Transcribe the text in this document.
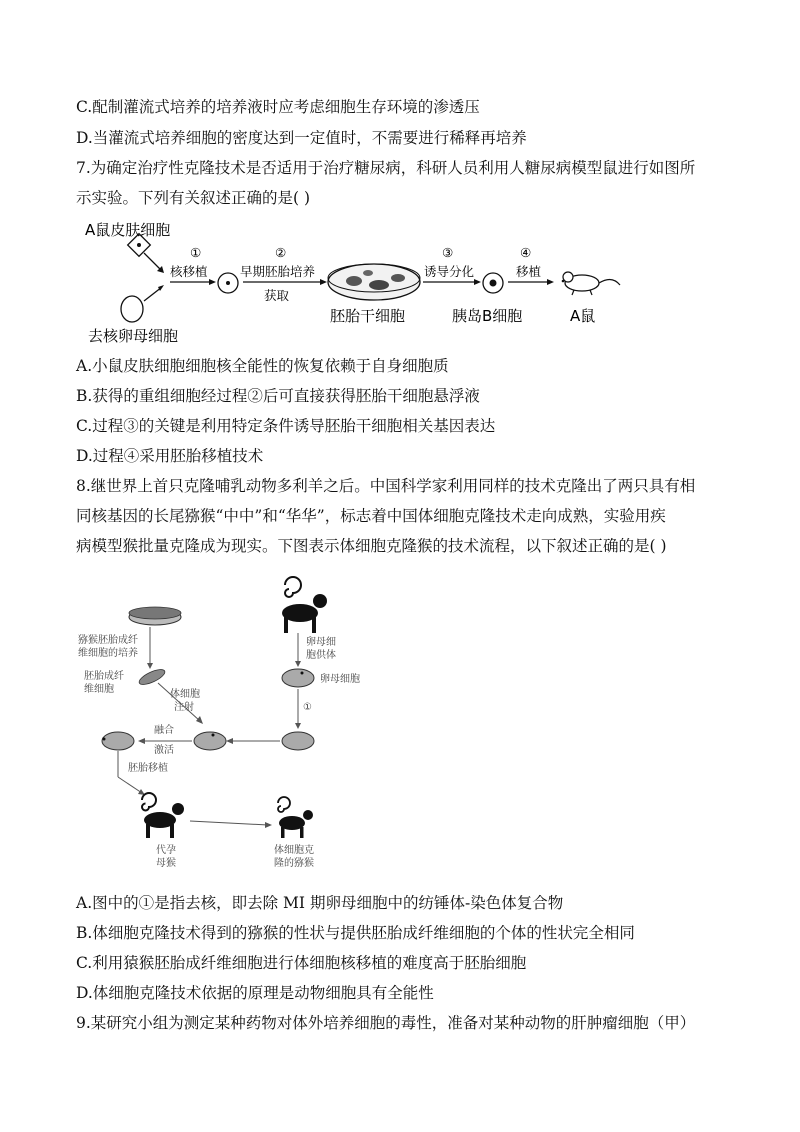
C.配制灌流式培养的培养液时应考虑细胞生存环境的渗透压
D.当灌流式培养细胞的密度达到一定值时，不需要进行稀释再培养
7.为确定治疗性克隆技术是否适用于治疗糖尿病，科研人员利用人糖尿病模型鼠进行如图所
示实验。下列有关叙述正确的是( )
A鼠皮肤细胞
去核卵母细胞
①
核移植
②
早期胚胎培养
获取
胚胎干细胞
③
诱导分化
胰岛B细胞
④
移植
A鼠
A.小鼠皮肤细胞细胞核全能性的恢复依赖于自身细胞质
B.获得的重组细胞经过程②后可直接获得胚胎干细胞悬浮液
C.过程③的关键是利用特定条件诱导胚胎干细胞相关基因表达
D.过程④采用胚胎移植技术
8.继世界上首只克隆哺乳动物多利羊之后。中国科学家利用同样的技术克隆出了两只具有相
同核基因的长尾猕猴“中中”和“华华”，标志着中国体细胞克隆技术走向成熟，实验用疾
病模型猴批量克隆成为现实。下图表示体细胞克隆猴的技术流程，以下叙述正确的是( )
猕猴胚胎成纤
维细胞的培养
胚胎成纤
维细胞	体细胞
注射
卵母细
胞供体
卵母细胞
①
融合
激活
胚胎移植
代孕
母猴
体细胞克
隆的猕猴
A.图中的①是指去核，即去除 MI 期卵母细胞中的纺锤体-染色体复合物
B.体细胞克隆技术得到的猕猴的性状与提供胚胎成纤维细胞的个体的性状完全相同
C.利用猿猴胚胎成纤维细胞进行体细胞核移植的难度高于胚胎细胞
D.体细胞克隆技术依据的原理是动物细胞具有全能性
9.某研究小组为测定某种药物对体外培养细胞的毒性，准备对某种动物的肝肿瘤细胞（甲）
